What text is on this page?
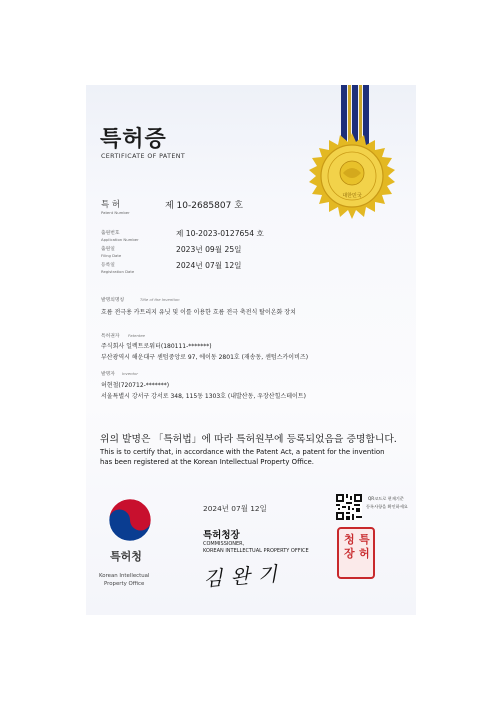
대한민국
특허증
CERTIFICATE OF PATENT
특 허
Patent Number
제 10-2685807 호
출원번호
Application Number
제 10-2023-0127654 호
출원일
Filing Date
2023년 09월 25일
등록일
Registration Date
2024년 07월 12일
발명의명칭	Title of the Invention
흐름 전극용 카트리지 유닛 및 이를 이용한 흐름 전극 축전식 탈이온화 장치
특허권자 Patentee
주식회사 일렉트로워터(180111-*******)
부산광역시 해운대구 센텀중앙로 97, 에이동 2801호 (재송동, 센텀스카이비즈)
발명자 Inventor
허현철(720712-*******)
서울특별시 강서구 강서로 348, 115동 1303호 (내발산동, 우장산힐스테이트)
위의 발명은 「특허법」에 따라 특허원부에 등록되었음을 증명합니다.
This is to certify that, in accordance with the Patent Act, a patent for the invention
has been registered at the Korean Intellectual Property Office.
특허청
Korean Intellectual
Property Office
2024년 07월 12일
특허청장
COMMISSIONER,
KOREAN INTELLECTUAL PROPERTY OFFICE
김완기
QR코드로 현재기준
등록사항을 확인하세요
특
허
청
장
